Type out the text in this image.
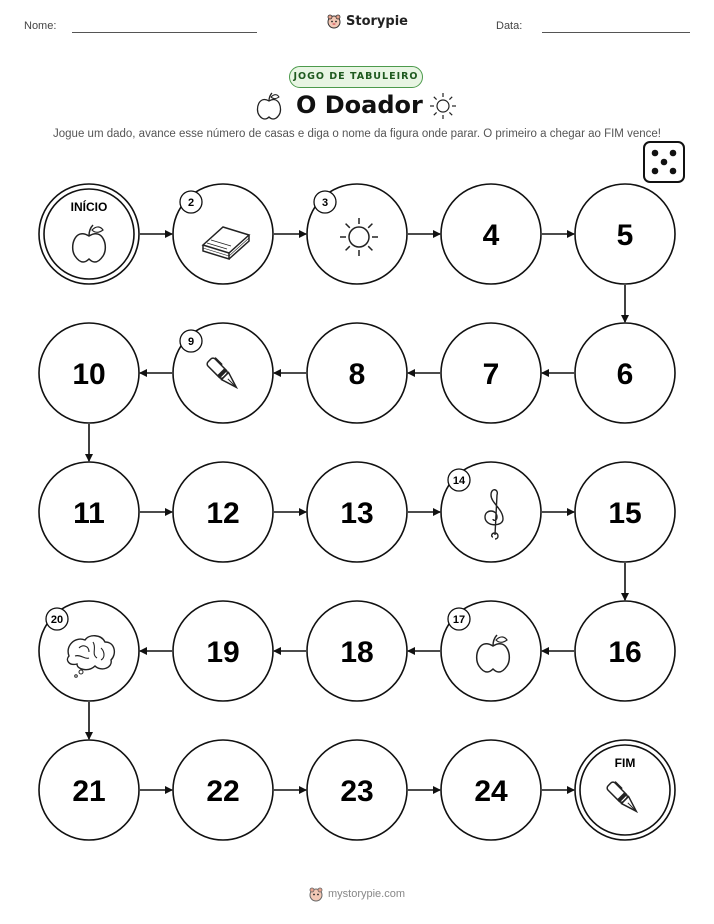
Nome:	Data:
Storypie
JOGO DE TABULEIRO
O Doador
Jogue um dado, avance esse número de casas e diga o nome da figura onde parar. O primeiro a chegar ao FIM vence!
INÍCIO	2	3
4	5
6
7
8
9
10
11	12	13
14
15
16
17
18
19
20
21	22	23	24
FIM
mystorypie.com
